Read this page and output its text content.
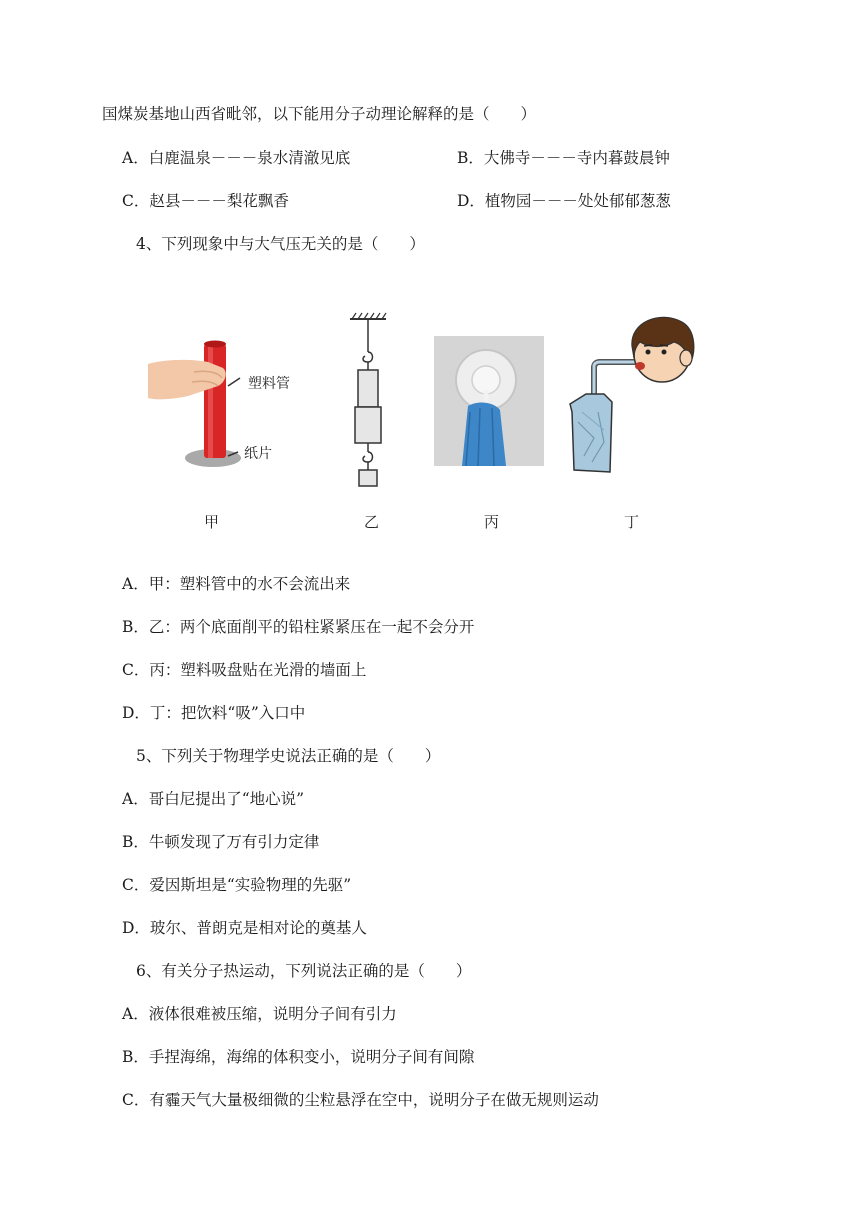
国煤炭基地山西省毗邻，以下能用分子动理论解释的是（　　）
A．白鹿温泉－－－泉水清澈见底	B．大佛寺－－－寺内暮鼓晨钟
C．赵县－－－梨花飘香	D．植物园－－－处处郁郁葱葱
4、下列现象中与大气压无关的是（　　）
塑料管
纸片
甲	乙	丙	丁
A．甲：塑料管中的水不会流出来
B．乙：两个底面削平的铅柱紧紧压在一起不会分开
C．丙：塑料吸盘贴在光滑的墙面上
D．丁：把饮料“吸”入口中
5、下列关于物理学史说法正确的是（　　）
A．哥白尼提出了“地心说”
B．牛顿发现了万有引力定律
C．爱因斯坦是“实验物理的先驱”
D．玻尔、普朗克是相对论的奠基人
6、有关分子热运动，下列说法正确的是（　　）
A．液体很难被压缩，说明分子间有引力
B．手捏海绵，海绵的体积变小，说明分子间有间隙
C．有霾天气大量极细微的尘粒悬浮在空中，说明分子在做无规则运动
